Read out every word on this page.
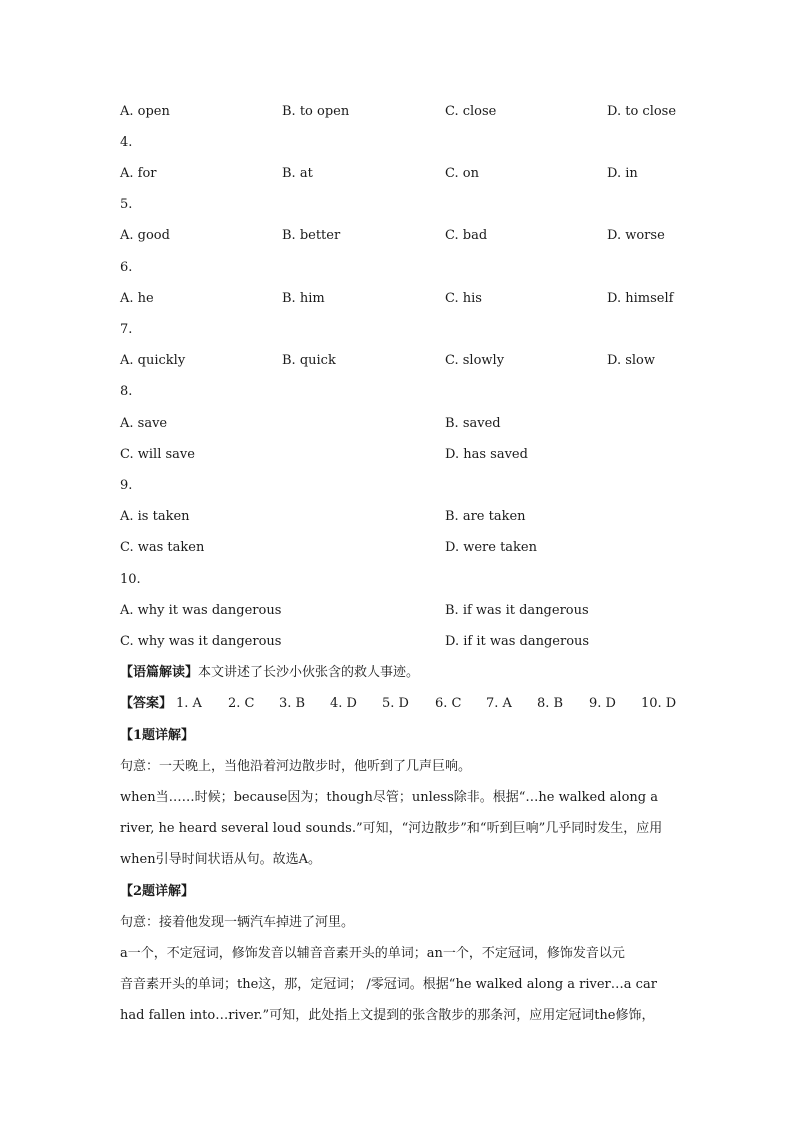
A. open	B. to open	C. close	D. to close
4.
A. for	B. at	C. on	D. in
5.
A. good	B. better	C. bad	D. worse
6.
A. he	B. him	C. his	D. himself
7.
A. quickly	B. quick	C. slowly	D. slow
8.
A. save	B. saved
C. will save	D. has saved
9.
A. is taken	B. are taken
C. was taken	D. were taken
10.
A. why it was dangerous	B. if was it dangerous
C. why was it dangerous	D. if it was dangerous
【语篇解读】本文讲述了长沙小伙张含的救人事迹。
【答案】 1. A 2. C 3. B 4. D 5. D 6. C 7. A 8. B 9. D 10. D
【1题详解】
句意：一天晚上，当他沿着河边散步时，他听到了几声巨响。
when当……时候；because因为；though尽管；unless除非。根据“…he walked along a
river, he heard several loud sounds.”可知，“河边散步”和“听到巨响”几乎同时发生，应用
when引导时间状语从句。故选A。
【2题详解】
句意：接着他发现一辆汽车掉进了河里。
a一个，不定冠词，修饰发音以辅音音素开头的单词；an一个，不定冠词，修饰发音以元
音音素开头的单词；the这，那，定冠词； /零冠词。根据“he walked along a river…a car
had fallen into…river.”可知，此处指上文提到的张含散步的那条河，应用定冠词the修饰，
